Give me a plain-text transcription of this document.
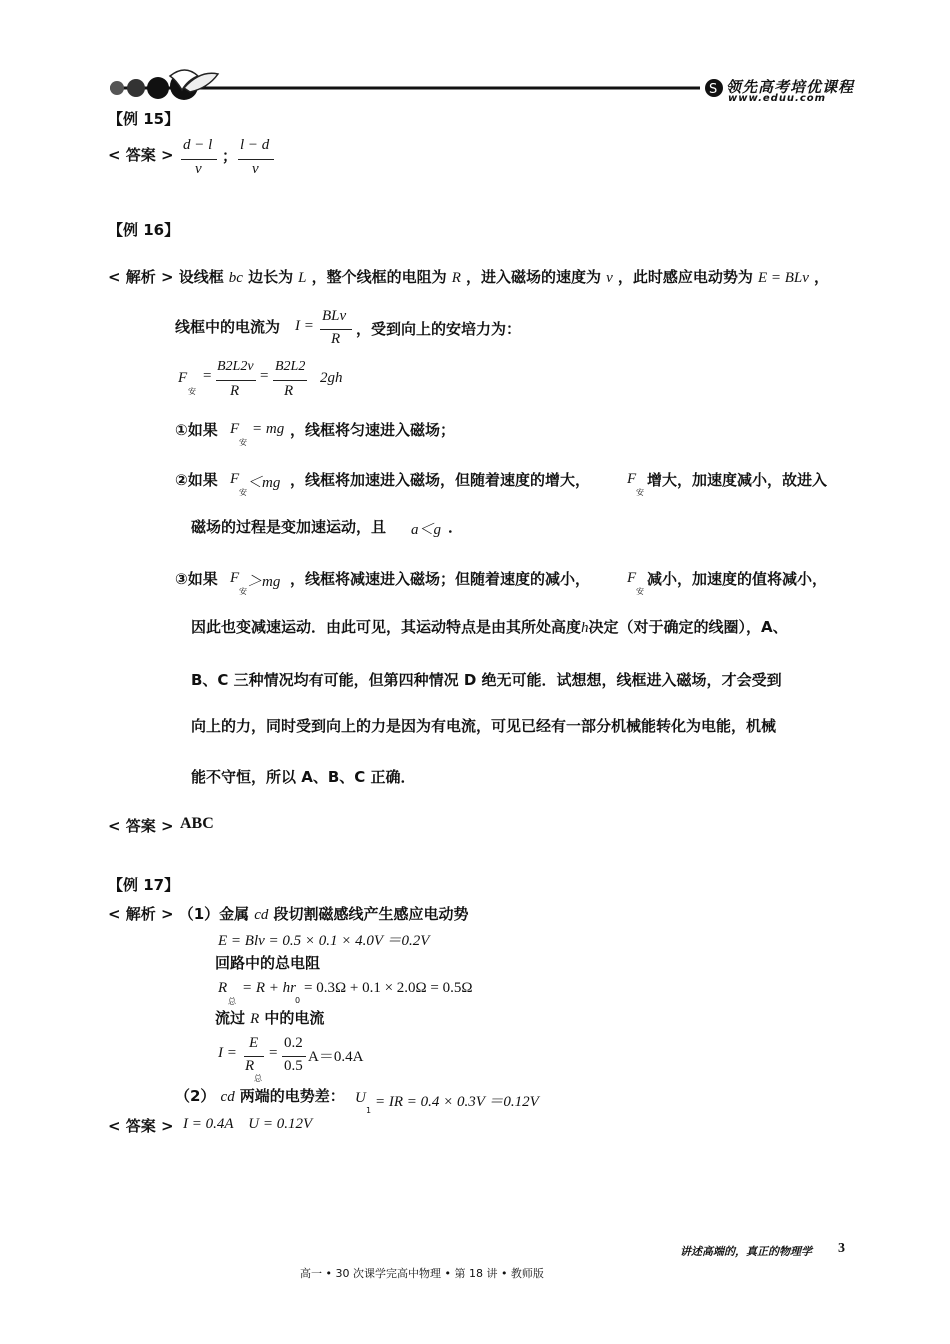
S 领先高考培优课程
www.eduu.com
【例 15】
< 答案 >
d − l
v
；
l − d
v
【例 16】
< 解析 > 设线框 bc 边长为 L ，整个线框的电阻为 R ，进入磁场的速度为 v ，此时感应电动势为 E = BLv ，
线框中的电流为 I =
BLv
R
，受到向上的安培力为：
F
安
=
B2L2v
R
=
B2L2
R
2gh
①如果 F
安
= mg ，线框将匀速进入磁场；
②如果 F
安
＜mg ，线框将加速进入磁场，但随着速度的增大， F
安
增大，加速度减小，故进入
磁场的过程是变加速运动，且 a＜g ．
③如果 F
安
＞mg ，线框将减速进入磁场；但随着速度的减小， F
安
减小，加速度的值将减小，
因此也变减速运动．由此可见，其运动特点是由其所处高度h决定（对于确定的线圈），A、
B、C 三种情况均有可能，但第四种情况 D 绝无可能．试想想，线框进入磁场，才会受到
向上的力，同时受到向上的力是因为有电流，可见已经有一部分机械能转化为电能，机械
能不守恒，所以 A、B、C 正确．
< 答案 > ABC
【例 17】
< 解析 > （1）金属 cd 段切割磁感线产生感应电动势
E = Blv = 0.5 × 0.1 × 4.0V ＝0.2V
回路中的总电阻
R
总
= R + hr
0
= 0.3Ω + 0.1 × 2.0Ω = 0.5Ω
流过 R 中的电流
I =
E
R
总
=
0.2
0.5
A＝0.4A
（2） cd 两端的电势差： U
1
= IR = 0.4 × 0.3V ＝0.12V
< 答案 > I = 0.4A    U = 0.12V
讲述高端的，真正的物理学 3
高一 • 30 次课学完高中物理 • 第 18 讲 • 教师版
